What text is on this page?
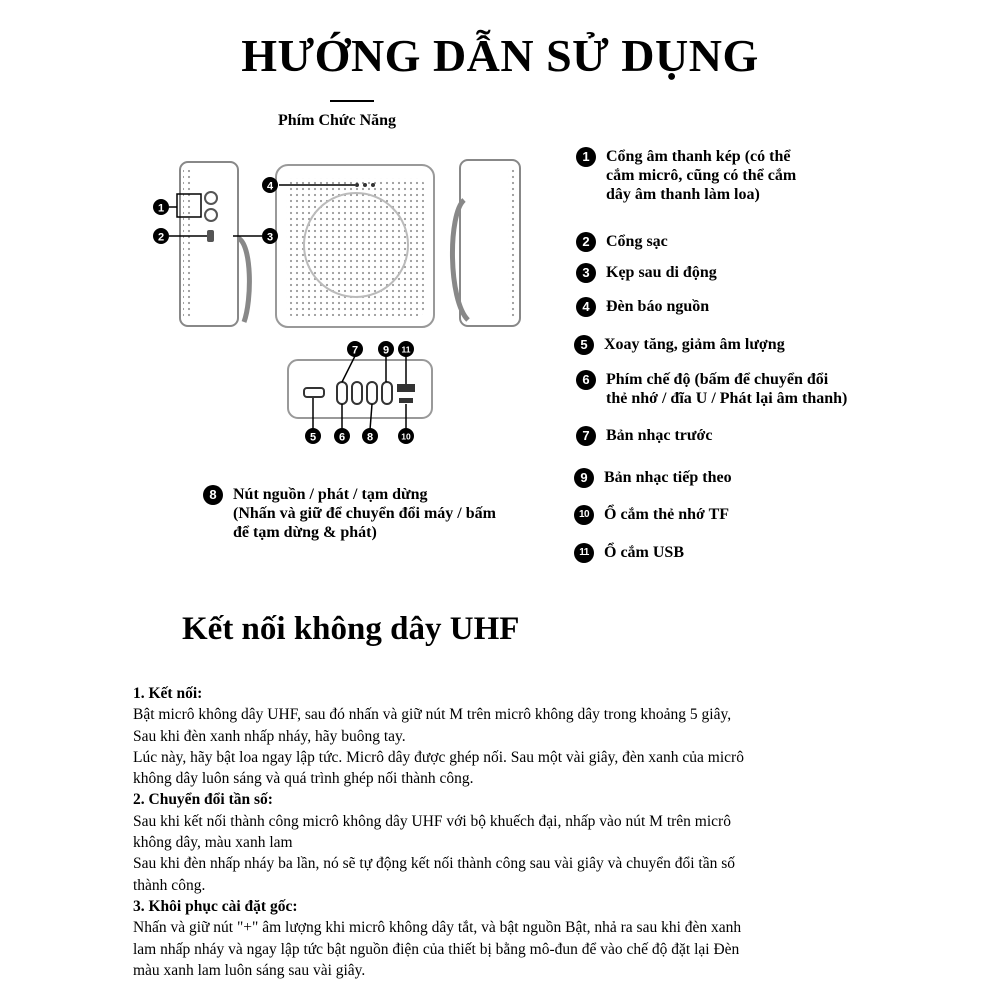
HƯỚNG DẪN SỬ DỤNG
Phím Chức Năng
1
2	3
4
5 6
7
8
9
10
11
1	Cổng âm thanh kép (có thể
cắm micrô, cũng có thể cắm
dây âm thanh làm loa)
2	Cổng sạc
3	Kẹp sau di động
4	Đèn báo nguồn
5	Xoay tăng, giảm âm lượng
6	Phím chế độ (bấm để chuyển đổi
thẻ nhớ / đĩa U / Phát lại âm thanh)
7	Bản nhạc trước
9	Bản nhạc tiếp theo
10 Ổ cắm thẻ nhớ TF
11 Ổ cắm USB
8	Nút nguồn / phát / tạm dừng
(Nhấn và giữ để chuyển đổi máy / bấm
để tạm dừng & phát)
Kết nối không dây UHF
1. Kết nối:
Bật micrô không dây UHF, sau đó nhấn và giữ nút M trên micrô không dây trong khoảng 5 giây,
Sau khi đèn xanh nhấp nháy, hãy buông tay.
Lúc này, hãy bật loa ngay lập tức. Micrô dây được ghép nối. Sau một vài giây, đèn xanh của micrô
không dây luôn sáng và quá trình ghép nối thành công.
2. Chuyển đổi tần số:
Sau khi kết nối thành công micrô không dây UHF với bộ khuếch đại, nhấp vào nút M trên micrô
không dây, màu xanh lam
Sau khi đèn nhấp nháy ba lần, nó sẽ tự động kết nối thành công sau vài giây và chuyển đổi tần số
thành công.
3. Khôi phục cài đặt gốc:
Nhấn và giữ nút "+" âm lượng khi micrô không dây tắt, và bật nguồn Bật, nhả ra sau khi đèn xanh
lam nhấp nháy và ngay lập tức bật nguồn điện của thiết bị bằng mô-đun để vào chế độ đặt lại Đèn
màu xanh lam luôn sáng sau vài giây.
